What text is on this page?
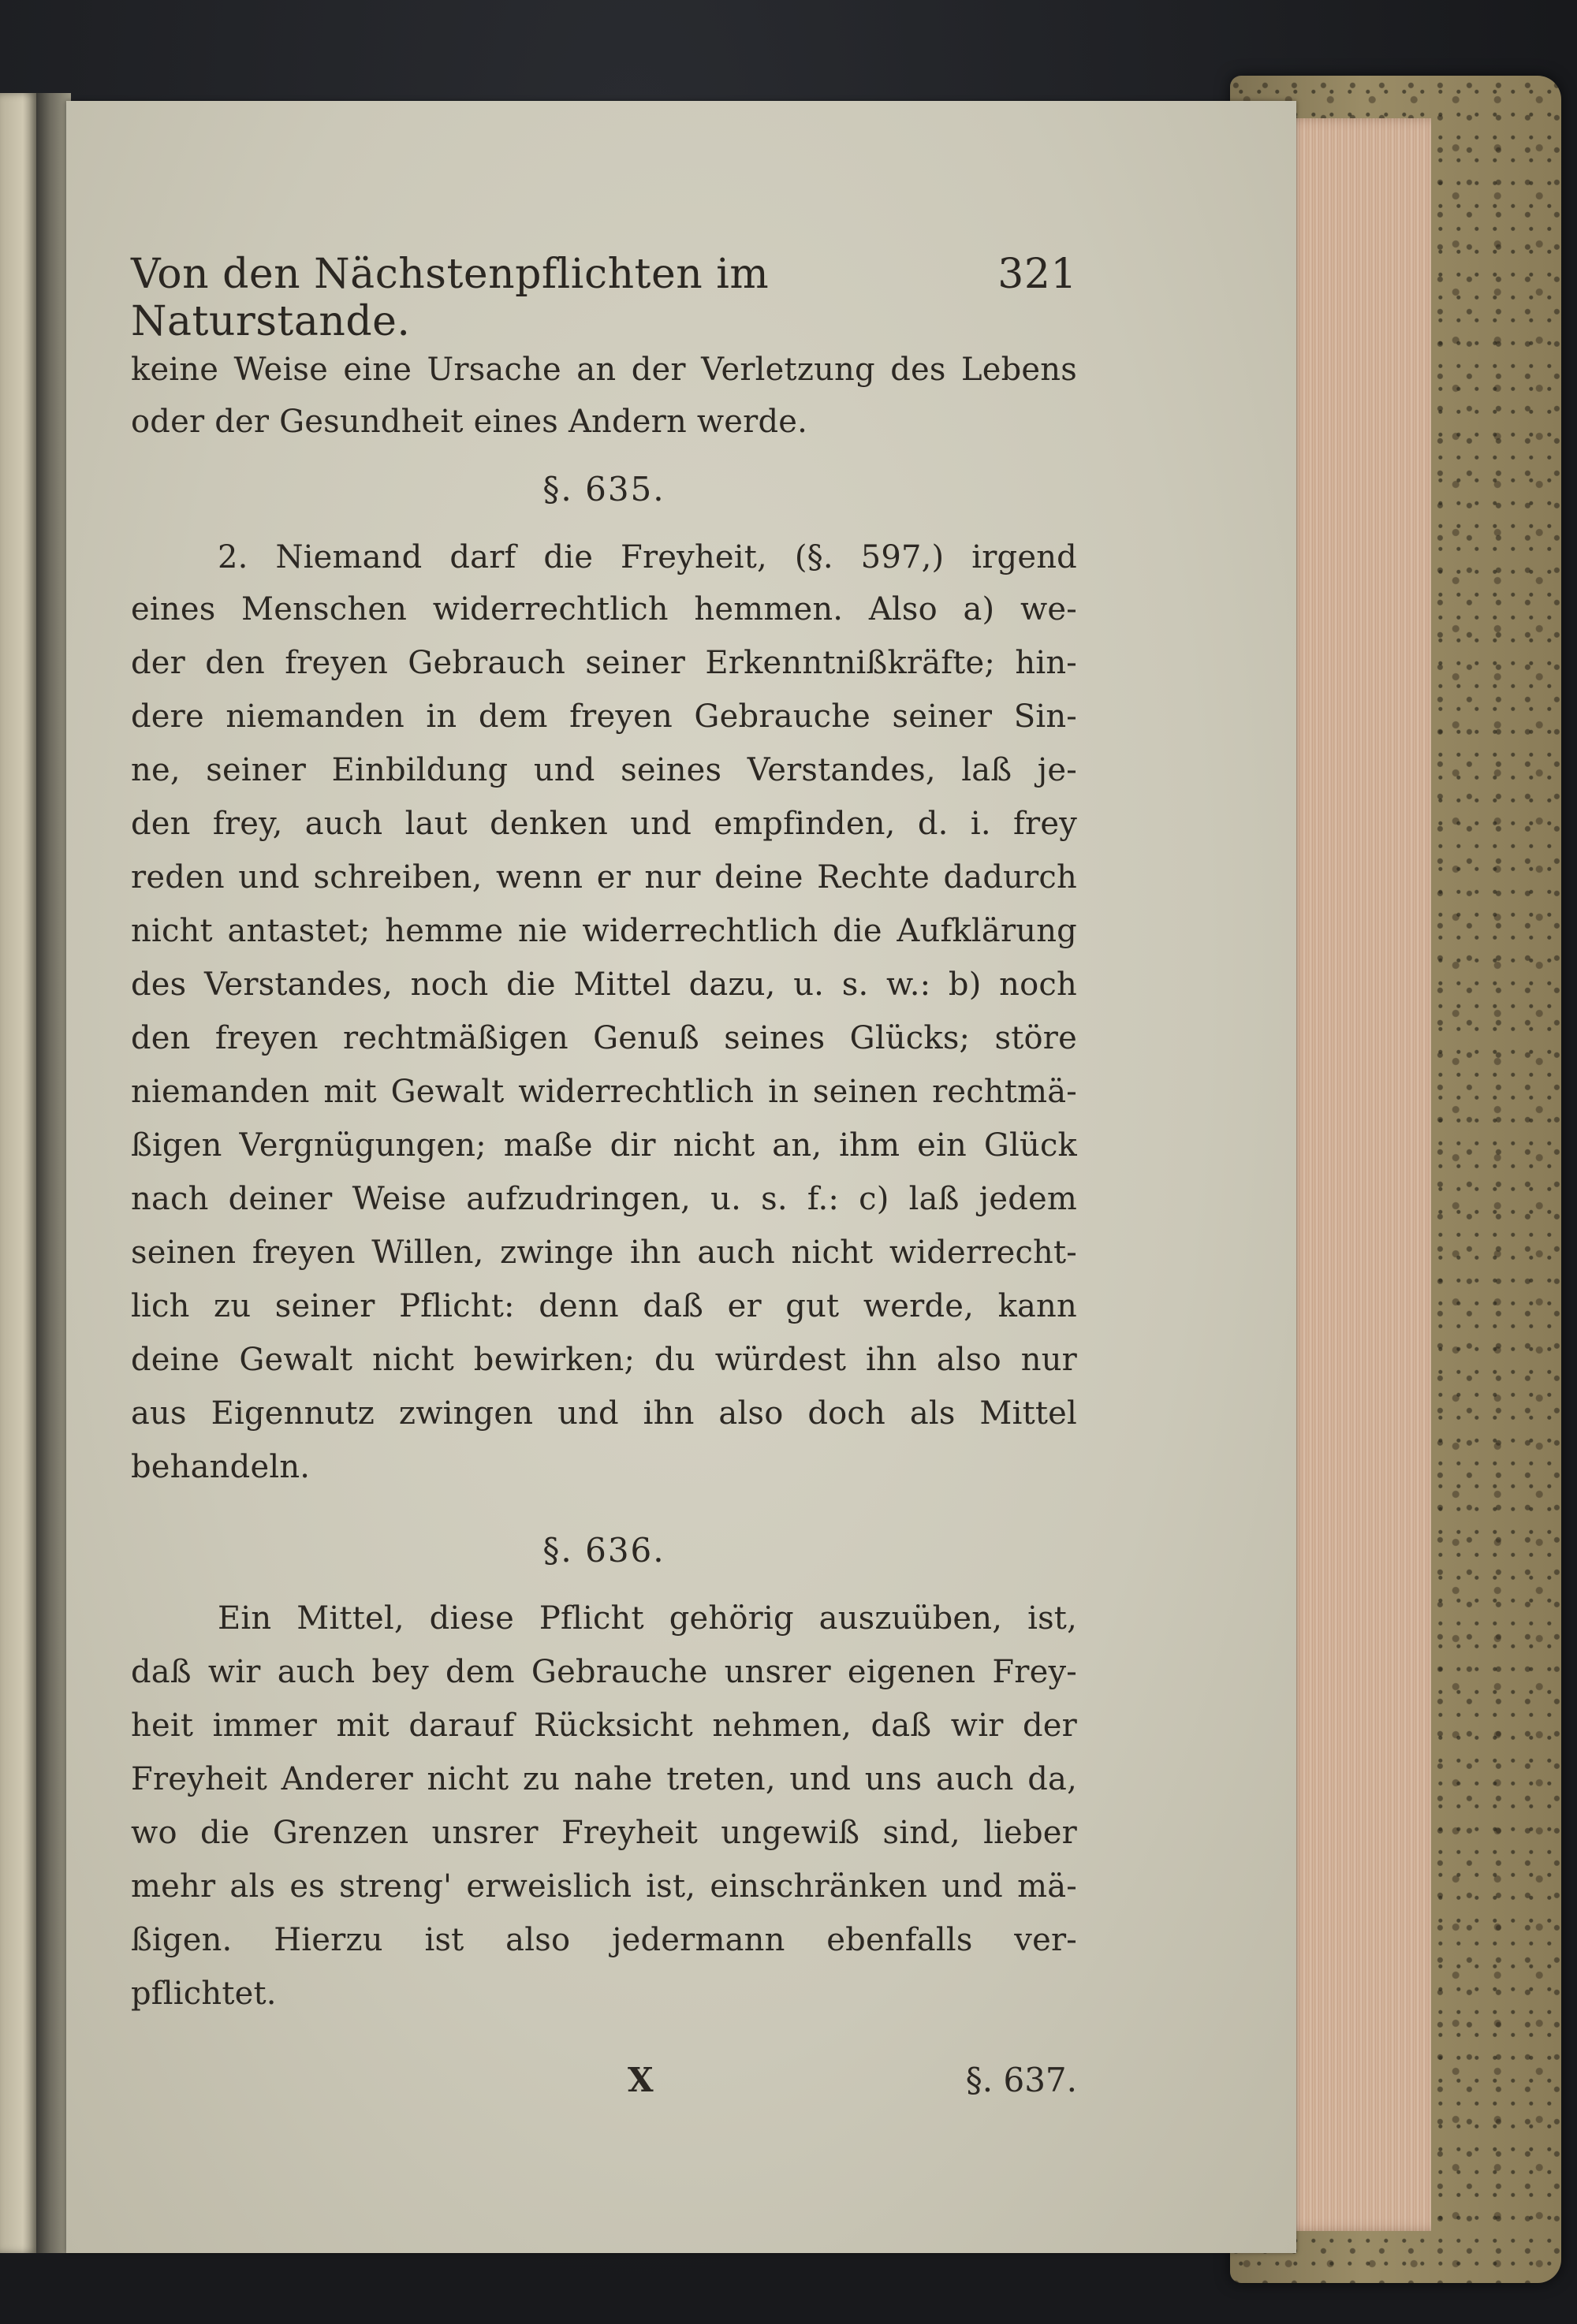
Von den Nächstenpflichten im Naturstande.
321
keine Weise eine Ursache an der Verletzung des Lebens
oder der Gesundheit eines Andern werde.
§. 635.
2. Niemand darf die Freyheit, (§. 597,) irgend
eines Menschen widerrechtlich hemmen. Also a) we-
der den freyen Gebrauch seiner Erkenntnißkräfte; hin-
dere niemanden in dem freyen Gebrauche seiner Sin-
ne, seiner Einbildung und seines Verstandes, laß je-
den frey, auch laut denken und empfinden, d. i. frey
reden und schreiben, wenn er nur deine Rechte dadurch
nicht antastet; hemme nie widerrechtlich die Aufklärung
des Verstandes, noch die Mittel dazu, u. s. w.: b) noch
den freyen rechtmäßigen Genuß seines Glücks; störe
niemanden mit Gewalt widerrechtlich in seinen rechtmä-
ßigen Vergnügungen; maße dir nicht an, ihm ein Glück
nach deiner Weise aufzudringen, u. s. f.: c) laß jedem
seinen freyen Willen, zwinge ihn auch nicht widerrecht-
lich zu seiner Pflicht: denn daß er gut werde, kann
deine Gewalt nicht bewirken; du würdest ihn also nur
aus Eigennutz zwingen und ihn also doch als Mittel
behandeln.
§. 636.
Ein Mittel, diese Pflicht gehörig auszuüben, ist,
daß wir auch bey dem Gebrauche unsrer eigenen Frey-
heit immer mit darauf Rücksicht nehmen, daß wir der
Freyheit Anderer nicht zu nahe treten, und uns auch da,
wo die Grenzen unsrer Freyheit ungewiß sind, lieber
mehr als es streng' erweislich ist, einschränken und mä-
ßigen. Hierzu ist also jedermann ebenfalls ver-
pflichtet.
X	§. 637.
